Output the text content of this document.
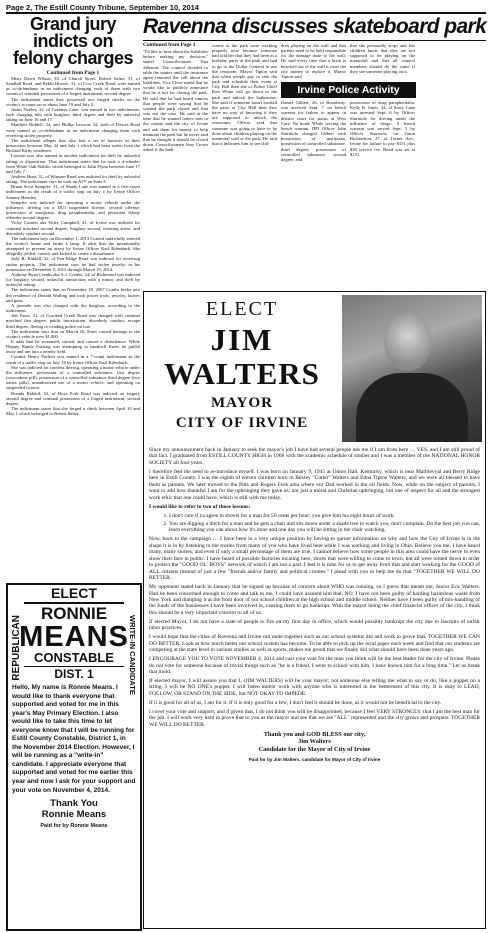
Page 2, The Estill County Tribune, September 10, 2014
Grand jury indicts on felony charges
Continued from Page 1

Misty Dawn Wilson, 33, of Church Street, Robert Salter, 51, of Sandhill Road, and Bekki Hoover, 31, of Cow Creek Road, were named as co-defendants in an indictment charging each of them with two counts of criminal possession of a forged instrument, second degree.

The indictment states they possessed two forged checks on the victim's account on or about June 19 and July 2.

Justin Noeley, 22, of Crabtree Lane, was named in two indictments, each charging him with burglary, third degree and theft by unlawful taking on June 16 and 17.

Matthew Riddell, 34, and Phillip Lawson, 32, both of Dawes Road were named as co-defendants in an indictment charging them with receiving stolen property.

The indictment alleges that also had a set of harrows in their possession between May 24 and July 1 which had been stolen from the Richard Kirby residence.

Lawson was also named in another indictment for theft by unlawful taking or disposition. That indictment states that he took a 4-wheeler from White Oak Stables which belonged to John Flynn between June 17 and July 7.

Andrew Hunt, 31, of Winston Road was indicted for theft by unlawful taking. The indictment says he took an ATV on June 3.

Bruan Scott Samples, 31, of Shady Lane was named in a five-count indictment as the result of a traffic stop on July 1 by Irvine Officer Sammy Hensley.

Samples was indicted for operating a motor vehicle under the influence, driving on a DUI suspended license, second offense; possession of marijuana, drug paraphernalia, and persistent felony offender second degree.

Vicky Cornett aka Vicky Campbell, 41, of Irvine was indicted for criminal mischief second degree, burglary second, resisting arrest, and disorderly conduct second.

The indictment says on December 1, 2013 Cornett unlawfully entered the victim's home and broke a lamp. It adds that she intentionally attempted to prevent an arrest by Irvine Officer Karl Rifenburk. She allegedly yelled, cursed, and kicked to create a disturbance.

Jody R. Riddell, 22, of Fen Ridge Road was indicted for receiving stolen property. The indictment says he had stolen jewelry in his possession on December 5, 2013 through March 19, 2014.

Anthony Ryan Combs aka A.J. Combs, 24, of Richmond was indicted for burglary second, unlawful transaction with a minor, and theft by unlawful taking.

The indictment states that on November 18, 2007 Combs broke into the residence of Donald Walling and took power tools, jewelry, knives and guns.

A juvenile was also charged with the burglary, according to the indictment.

Jeff Estes, 31, of Crooked Creek Road was charged with criminal mischief first degree, public intoxication, disorderly conduct, escape third degree, fleeing or evading police on foot.

The indictment says that on March 16, Estes caused damage to the victim's vehicle over $1,000.

It adds that he screamed, cursed, and caused a disturbance. While Deputy Randy Furlong was attempting to handcuff Estes, he pulled away and ran into a nearby field.

Cynthia Henry Puckett was named in a 7-count indictment as the result of a traffic stop on July 18 by Irvine Officer Karl Rifenburk.

She was indicted for careless driving, operating a motor vehicle under the influence, possession of a controlled substance, first degree (oxycodone pill), possession of a controlled substance third degree (two xanax pills), unauthorized use of a motor vehicle, and operating on suspended license.

Brenda Riddell, 52, of Hoys Fork Road was indicted on forgery second degree and criminal possession of a forged instrument, second degree.

The indictment states that she forged a check between April 10 and May 1 which belonged to Robert Salter.

Ravenna discusses skateboard park
Continued from Page 1
"I'd like to hear about the liabilities before making my decision," stated Councilwoman Tina Johnson. The council decided to table the matter until the insurance agent returned the call about the liabilities. Vice Cleve stated that he would like to publicly announce that he is not for closing the park. He said that he had heard rumors that people were saying that he wanted the park closed and that was not the case. He said at the time that he wanted letters sent to the county and the city of Irvine and ask them for money to help maintain the park but he never said that he thought it should be closed down. Councilwomen Amy Crowe asked if the bath-
rooms at the park were working properly now because someone had told her that they had been at a birthday party at the park and had to go to the Dollar General to use the restroom. Mayor Tipton said that when people pay to rent the park and schedule their event at City Hall then she or Police Chief Ken White will go down to the park and unlock the bathrooms. She said if someone hasn't booked the party at City Hall then they have no way of knowing if they are supposed to unlock the restrooms. Officer said that someone was going to have to be done about children playing on the memorial wall at the park. He said that it indicates him to see chil-
dren playing on the wall and that parents need to be held responsible for the damage done to the wall. He said every time that a brick is knocked out of the wall it costs the city money to replace it. Mayor Tipton said
that she personally stops and lets children know that they are not supposed to be playing on the memorial and that all council members should do the same if they see someone playing on it.
Irvine Police Activity
Daniel Gilbert, 26, of Broadway, was arrested Sept. 7 on bench warrant for failure to appear in district court for status at West Care. No bond. While serving the bench warrant, IPD Officer John Sturniolo charged Gilbert with possession of marijuana, possession of controlled substance, third degree, possession of controlled substance, second degree, and
possession of drug paraphernalia. Kelly R. Jones, 44, of Stacy Lane was arrested Sept. 6 by Officer Sturniolo for driving under the influence of drugs. A bench warrant was served Sept. 5 by Officer Sturniolo on Jason Richardson, 27, of Turner Ave., Irvine for failure to pay $151 plus $30 service fee. Bond was set at $151.
ELECT
JIM
WALTERS
MAYOR
CITY OF IRVINE

Since my announcement back in January to seek the mayor's job I have had several people ask me if I am from here … YES, and I am still proud of that fact. I graduated from ESTILL COUNTY HIGH in 1968 with the academic schedule of studies and I was a member of the NATIONAL HONOR SOCIETY all four years.

I therefore feel the need to re-introduce myself. I was born on January 9, 1945 at Union Hall, Kentucky, which is near Marblevyal and Berry Ridge here in Estill County. I was the eighth of eleven children born to Bexley "Cutter" Walters and Edna Tipton Walters, and we were all blessed to have them as parents. We later moved to the Pitts and Rogers Fork area where our Dad worked in the oil fields. Now, while on the subject of parents, I want to add how thankful I am for the upbringing they gave us; not just a moral and Christian upbringing, but one of respect for all and the strongest work ethic that one could have, which is still with me today.

I would like to refer to two of those lessons:

1. I don't care if ya agree to shovel for a man for 50 cents per hour; you give him his eight hours of work.
2. You are digging a ditch for a man and he gets a chair and sits down under a shade tree to watch you, don't complain. Do the best job you can, learn everything you can about how it's done and one day you will be sitting in the chair watching.

Now, back to the campaign … I have been in a very unique position by having to garner information on why and how the City of Irvine is in the shape it is in by listening to the stories from many of you who have lived here while I was working and living in Ohio. Believe you me, I have heard many, many stories, and even if only a small percentage of them are true, I cannot believe how some people in this area could have the nerve to even show their face in public. I have heard of possible factories locating here, stores that were willing to come to town, but all were turned down in order to protect the "GOOD OL' BOYS" network of which I am not a part. I feel it is time for us to get away from that and start working for the GOOD of ALL citizens instead of just a few "friends and/or family and political cronies." I plead with you to help me do that "TOGETHER WE WILL DO BETTER.

My opponent stated back in January that he signed up because of concern about WHO was running, so I guess that meant me, Junior Eric Walters. Had he been concerned enough to come and talk to me, I could have assured him that, NO, I have not been guilty of harding hazardous waste from New York and dumping it at the front door of our school children at the high school and middle school. Neither have I been guilty of mis-handling of the funds of the businesses I have been involved in, causing them to go bankrupt. With the mayor being the chief financial officer of the city, I think this should be a very important concern to all of us.

If elected Mayor, I do not have a slate of people to fire on my first day in office, which would possibly bankrupt the city due to lawsuits of unfair labor practices.

I would hope that the cities of Ravenna and Irvine can unite together such as our school systems did and work to prove that, TOGETHER WE CAN DO BETTER. Look at how much better our school system has become. To be able to pick up the local paper each week and find that our students are competing at the state level in various studies as well as sports, makes me proud that we finally did what should have been done years ago.

I ENCOURAGE YOU TO VOTE NOVEMBER 4, 2014 and cast your vote for the man you think will be the best leader for the city of Irvine. Please do not vote for someone because of trivial things such as "he is a friend, I went to school with him, I have known him for a long time." Let us break that mold.

If elected mayor, I will assure you that I, (JIM WALTERS) will be your mayor; not someone else telling me what to say or do, like a puppet on a string. I will be NO ONE's puppet. I will listen and/or work with anyone who is interested in the betterment of this city. It is okay to LEAD, FOLLOW, OR STAND ON THE SIDE, but NOT OKAY TO IMPEDE.

If it is good for all of us, I am for it. If it is only good for a few, I don't feel it should be done, as it would not be beneficial to the city.

I covet your vote and support, and if given that, I do not think you will be disappointed, because I feel VERY STRONGLY, that I am the best man for the job. I will work very hard to prove that to you as the mayor and see that we are "ALL" represented and the city grows and prospers. TOGETHER WE WILL DO BETTER.

Thank you and GOD BLESS our city,
Jim Walters
Candidate for the Mayor of City of Irvine
Paid for by Jim Walters, candidate for Mayor of City of Irvine
REPUBLICAN	WRITE-IN CANDIDATE
ELECT
RONNIE
MEANS
CONSTABLE
DIST. 1
Hello, My name is Ronnie Means. I would like to thank everyone that supported and voted for me in this year's May Primary Election. I also would like to take this time to let everyone know that I will be running for Estill County Constable, District 1, in the November 2014 Election. However, I will be running as a "write-in" candidate. I appreciate everyone that supported and voted for me earlier this year and now I ask for your support and your vote on November 4, 2014.
Thank You
Ronnie Means
Paid for by Ronnie Means
